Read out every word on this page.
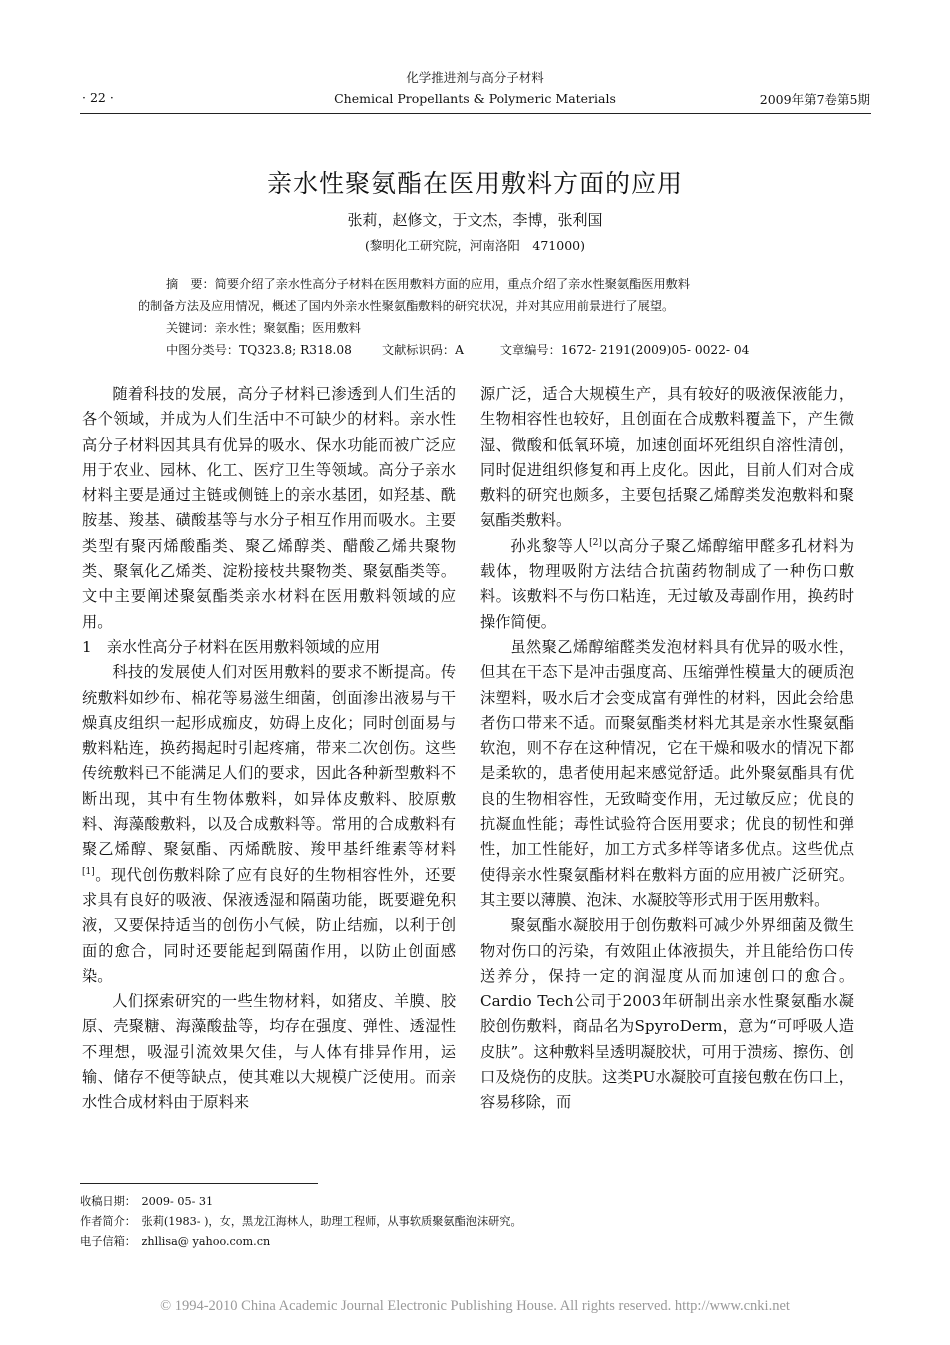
化学推进剂与高分子材料
· 22 ·	Chemical Propellants & Polymeric Materials	2009年第7卷第5期
亲水性聚氨酯在医用敷料方面的应用
张莉，赵修文，于文杰，李博，张利国
(黎明化工研究院，河南洛阳　471000)

摘　要：简要介绍了亲水性高分子材料在医用敷料方面的应用，重点介绍了亲水性聚氨酯医用敷料

的制备方法及应用情况，概述了国内外亲水性聚氨酯敷料的研究状况，并对其应用前景进行了展望。

关键词：亲水性；聚氨酯；医用敷料

中图分类号：TQ323.8; R318.08 文献标识码：A	文章编号：1672- 2191(2009)05- 0022- 04

随着科技的发展，高分子材料已渗透到人们生活的各个领域，并成为人们生活中不可缺少的材料。亲水性高分子材料因其具有优异的吸水、保水功能而被广泛应用于农业、园林、化工、医疗卫生等领域。高分子亲水材料主要是通过主链或侧链上的亲水基团，如羟基、酰胺基、羧基、磺酸基等与水分子相互作用而吸水。主要类型有聚丙烯酸酯类、聚乙烯醇类、醋酸乙烯共聚物类、聚氧化乙烯类、淀粉接枝共聚物类、聚氨酯类等。文中主要阐述聚氨酯类亲水材料在医用敷料领域的应用。

1　亲水性高分子材料在医用敷料领域的应用

科技的发展使人们对医用敷料的要求不断提高。传统敷料如纱布、棉花等易滋生细菌，创面渗出液易与干燥真皮组织一起形成痂皮，妨碍上皮化；同时创面易与敷料粘连，换药揭起时引起疼痛，带来二次创伤。这些传统敷料已不能满足人们的要求，因此各种新型敷料不断出现，其中有生物体敷料，如异体皮敷料、胶原敷料、海藻酸敷料，以及合成敷料等。常用的合成敷料有聚乙烯醇、聚氨酯、丙烯酰胺、羧甲基纤维素等材料[1]。现代创伤敷料除了应有良好的生物相容性外，还要求具有良好的吸液、保液透湿和隔菌功能，既要避免积液，又要保持适当的创伤小气候，防止结痂，以利于创面的愈合，同时还要能起到隔菌作用，以防止创面感染。

人们探索研究的一些生物材料，如猪皮、羊膜、胶原、壳聚糖、海藻酸盐等，均存在强度、弹性、透湿性不理想，吸湿引流效果欠佳，与人体有排异作用，运输、储存不便等缺点，使其难以大规模广泛使用。而亲水性合成材料由于原料来

源广泛，适合大规模生产，具有较好的吸液保液能力，生物相容性也较好，且创面在合成敷料覆盖下，产生微湿、微酸和低氧环境，加速创面坏死组织自溶性清创，同时促进组织修复和再上皮化。因此，目前人们对合成敷料的研究也颇多，主要包括聚乙烯醇类发泡敷料和聚氨酯类敷料。

孙兆黎等人[2]以高分子聚乙烯醇缩甲醛多孔材料为载体，物理吸附方法结合抗菌药物制成了一种伤口敷料。该敷料不与伤口粘连，无过敏及毒副作用，换药时操作简便。

虽然聚乙烯醇缩醛类发泡材料具有优异的吸水性，但其在干态下是冲击强度高、压缩弹性模量大的硬质泡沫塑料，吸水后才会变成富有弹性的材料，因此会给患者伤口带来不适。而聚氨酯类材料尤其是亲水性聚氨酯软泡，则不存在这种情况，它在干燥和吸水的情况下都是柔软的，患者使用起来感觉舒适。此外聚氨酯具有优良的生物相容性，无致畸变作用，无过敏反应；优良的抗凝血性能；毒性试验符合医用要求；优良的韧性和弹性，加工性能好，加工方式多样等诸多优点。这些优点使得亲水性聚氨酯材料在敷料方面的应用被广泛研究。其主要以薄膜、泡沫、水凝胶等形式用于医用敷料。

聚氨酯水凝胶用于创伤敷料可减少外界细菌及微生物对伤口的污染，有效阻止体液损失，并且能给伤口传送养分，保持一定的润湿度从而加速创口的愈合。Cardio Tech公司于2003年研制出亲水性聚氨酯水凝胶创伤敷料，商品名为SpyroDerm，意为“可呼吸人造皮肤”。这种敷料呈透明凝胶状，可用于溃疡、擦伤、创口及烧伤的皮肤。这类PU水凝胶可直接包敷在伤口上，容易移除，而

收稿日期：　2009- 05- 31

作者简介：　张莉(1983- )，女，黑龙江海林人，助理工程师，从事软质聚氨酯泡沫研究。

电子信箱：　zhllisa@ yahoo.com.cn

© 1994-2010 China Academic Journal Electronic Publishing House. All rights reserved. http://www.cnki.net
